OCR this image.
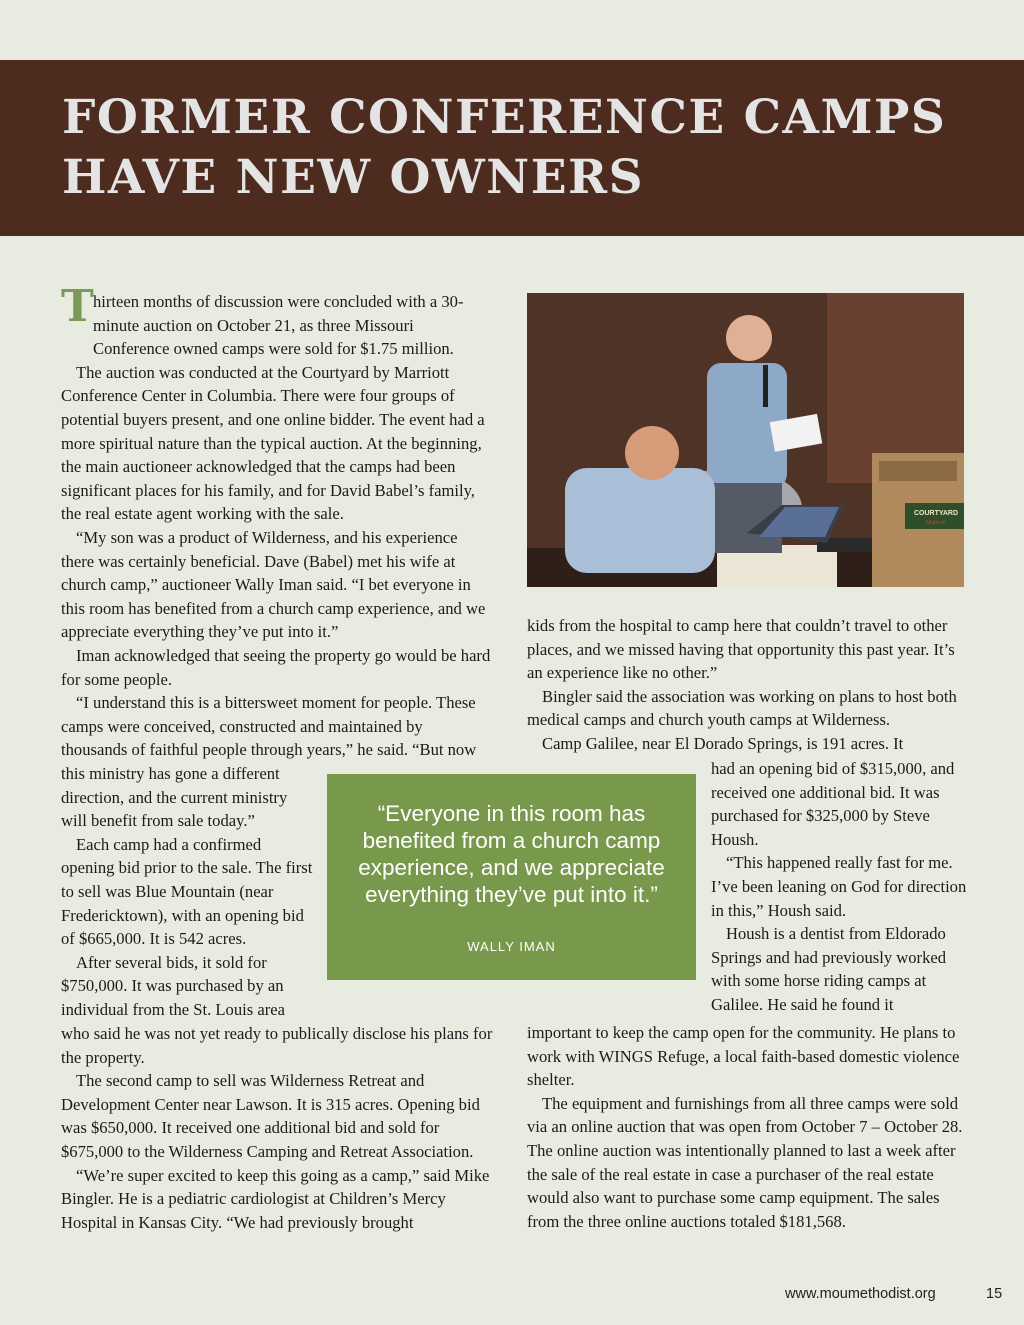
FORMER CONFERENCE CAMPS HAVE NEW OWNERS

T hirteen months of discussion were concluded with a 30-minute auction on October 21, as three Missouri Conference owned camps were sold for $1.75 million.

The auction was conducted at the Courtyard by Marriott Conference Center in Columbia. There were four groups of potential buyers present, and one online bidder. The event had a more spiritual nature than the typical auction. At the beginning, the main auctioneer acknowledged that the camps had been significant places for his family, and for David Babel’s family, the real estate agent working with the sale.

“My son was a product of Wilderness, and his experience there was certainly beneficial. Dave (Babel) met his wife at church camp,” auctioneer Wally Iman said. “I bet everyone in this room has benefited from a church camp experience, and we appreciate everything they’ve put into it.”

Iman acknowledged that seeing the property go would be hard for some people.

“I understand this is a bittersweet moment for people. These camps were conceived, constructed and maintained by thousands of faithful people through years,” he said. “But now

this ministry has gone a different direction, and the current ministry will benefit from sale today.”

Each camp had a confirmed opening bid prior to the sale. The first to sell was Blue Mountain (near Fredericktown), with an opening bid of $665,000. It is 542 acres.

After several bids, it sold for $750,000. It was purchased by an individual from the St. Louis area

who said he was not yet ready to publically disclose his plans for the property.

The second camp to sell was Wilderness Retreat and Development Center near Lawson. It is 315 acres. Opening bid was $650,000. It received one additional bid and sold for $675,000 to the Wilderness Camping and Retreat Association.

“We’re super excited to keep this going as a camp,” said Mike Bingler. He is a pediatric cardiologist at Children’s Mercy Hospital in Kansas City. “We had previously brought

COURTYARD
Marriott

kids from the hospital to camp here that couldn’t travel to other places, and we missed having that opportunity this past year. It’s an experience like no other.”

Bingler said the association was working on plans to host both medical camps and church youth camps at Wilderness.

Camp Galilee, near El Dorado Springs, is 191 acres. It

had an opening bid of $315,000, and received one additional bid. It was purchased for $325,000 by Steve Housh.

“This happened really fast for me. I’ve been leaning on God for direction in this,” Housh said.

Housh is a dentist from Eldorado Springs and had previously worked with some horse riding camps at Galilee. He said he found it

important to keep the camp open for the community. He plans to work with WINGS Refuge, a local faith-based domestic violence shelter.

The equipment and furnishings from all three camps were sold via an online auction that was open from October 7 – October 28. The online auction was intentionally planned to last a week after the sale of the real estate in case a purchaser of the real estate would also want to purchase some camp equipment. The sales from the three online auctions totaled $181,568.

“Everyone in this room has benefited from a church camp experience, and we appreciate everything they’ve put into it.”
WALLY IMAN
www.moumethodist.org	15
